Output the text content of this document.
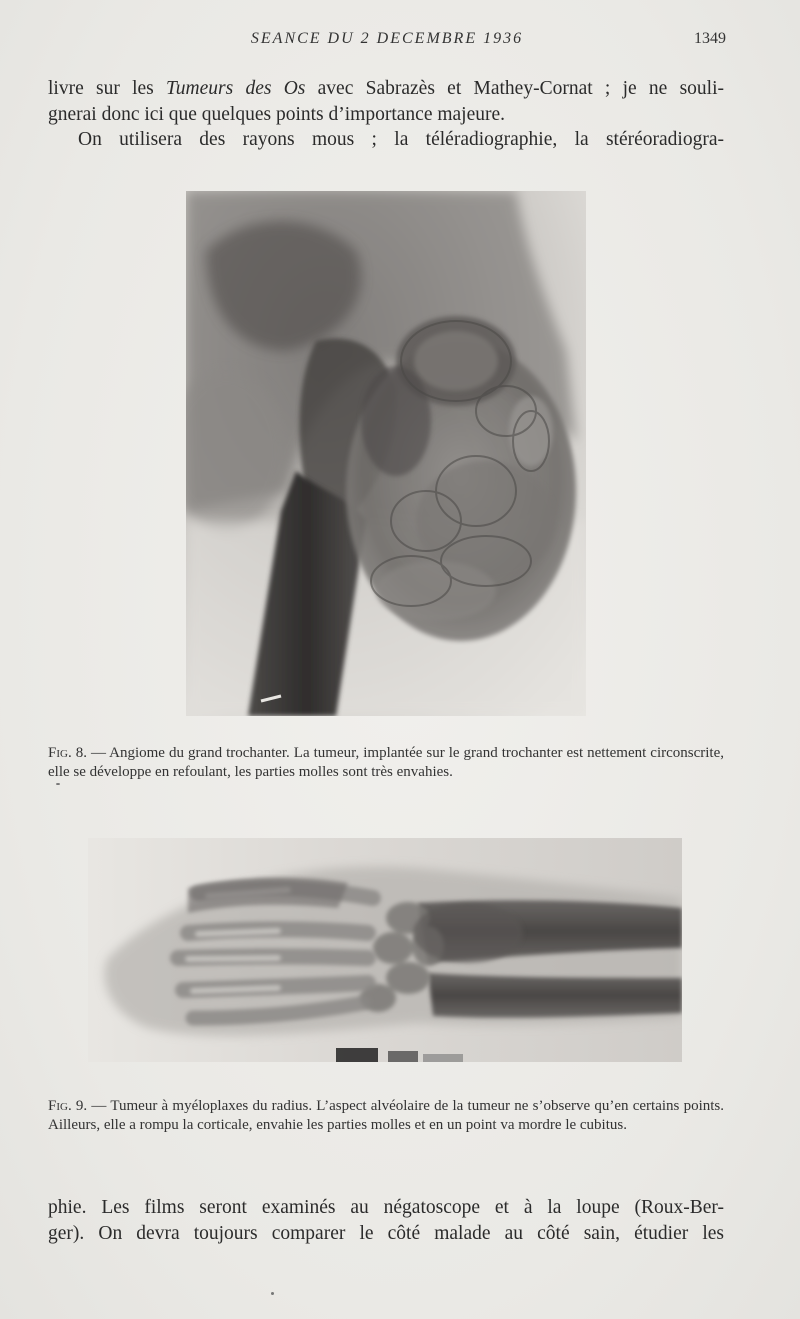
SEANCE DU 2 DECEMBRE 1936	1349

livre sur les Tumeurs des Os avec Sabrazès et Mathey-Cornat ; je ne souli-

gnerai donc ici que quelques points d’importance majeure.

On utilisera des rayons mous ; la téléradiographie, la stéréoradiogra-

Fig. 8. — Angiome du grand trochanter. La tumeur, implantée sur le grand trochanter est nettement circonscrite, elle se développe en refoulant, les parties molles sont très envahies.

Fig. 9. — Tumeur à myéloplaxes du radius. L’aspect alvéolaire de la tumeur ne s’observe qu’en certains points. Ailleurs, elle a rompu la corticale, envahie les parties molles et en un point va mordre le cubitus.

phie. Les films seront examinés au négatoscope et à la loupe (Roux-Ber-

ger). On devra toujours comparer le côté malade au côté sain, étudier les
